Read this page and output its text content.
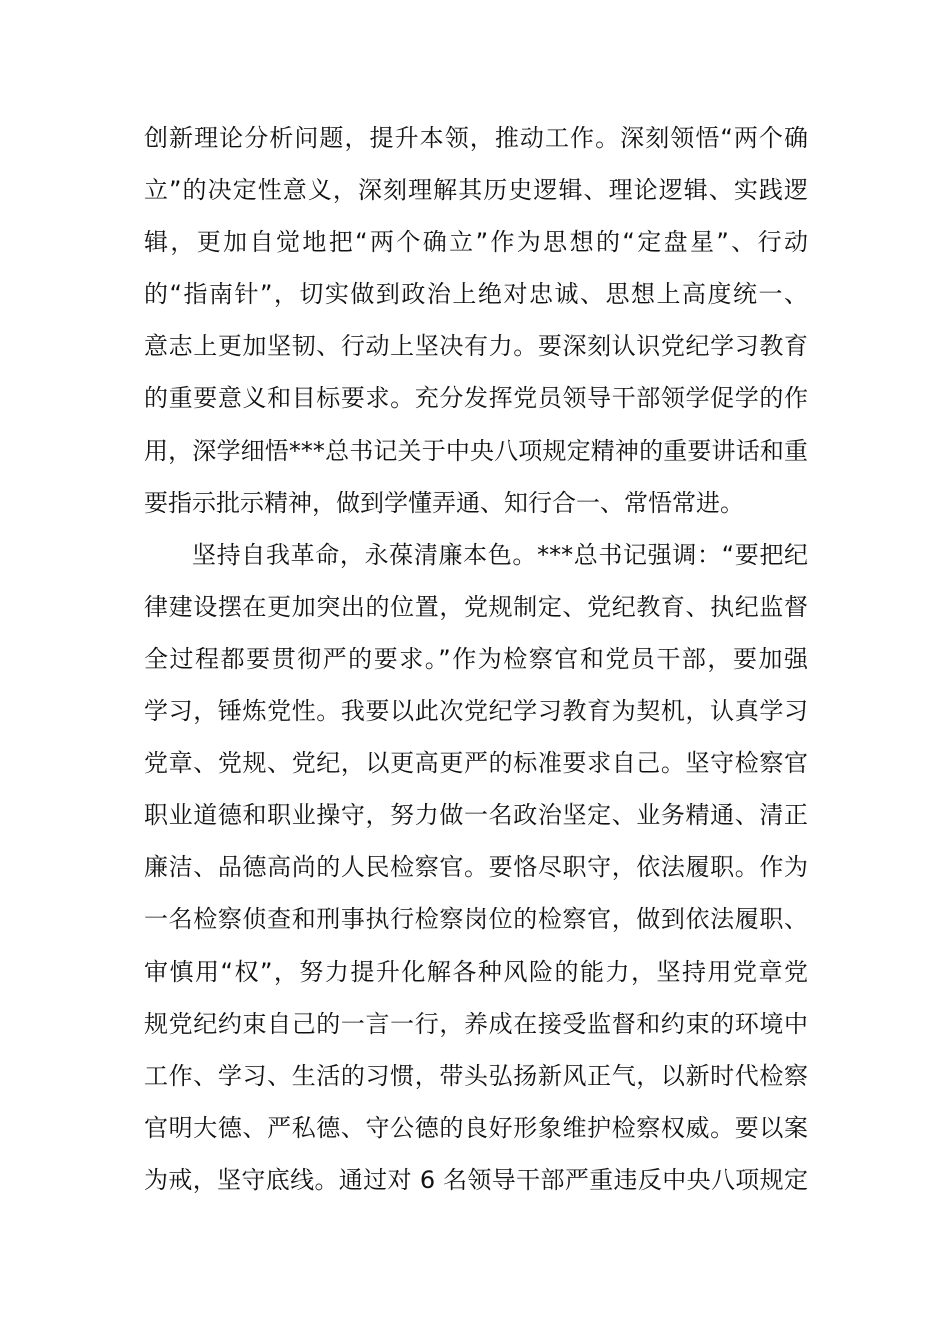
创新理论分析问题，提升本领，推动工作。深刻领悟“两个确
立”的决定性意义，深刻理解其历史逻辑、理论逻辑、实践逻
辑，更加自觉地把“两个确立”作为思想的“定盘星”、行动
的“指南针”，切实做到政治上绝对忠诚、思想上高度统一、
意志上更加坚韧、行动上坚决有力。要深刻认识党纪学习教育
的重要意义和目标要求。充分发挥党员领导干部领学促学的作
用，深学细悟***总书记关于中央八项规定精神的重要讲话和重
要指示批示精神，做到学懂弄通、知行合一、常悟常进。
坚持自我革命，永葆清廉本色。***总书记强调：“要把纪
律建设摆在更加突出的位置，党规制定、党纪教育、执纪监督
全过程都要贯彻严的要求。”作为检察官和党员干部，要加强
学习，锤炼党性。我要以此次党纪学习教育为契机，认真学习
党章、党规、党纪，以更高更严的标准要求自己。坚守检察官
职业道德和职业操守，努力做一名政治坚定、业务精通、清正
廉洁、品德高尚的人民检察官。要恪尽职守，依法履职。作为
一名检察侦查和刑事执行检察岗位的检察官，做到依法履职、
审慎用“权”，努力提升化解各种风险的能力，坚持用党章党
规党纪约束自己的一言一行，养成在接受监督和约束的环境中
工作、学习、生活的习惯，带头弘扬新风正气，以新时代检察
官明大德、严私德、守公德的良好形象维护检察权威。要以案
为戒，坚守底线。通过对 6 名领导干部严重违反中央八项规定
